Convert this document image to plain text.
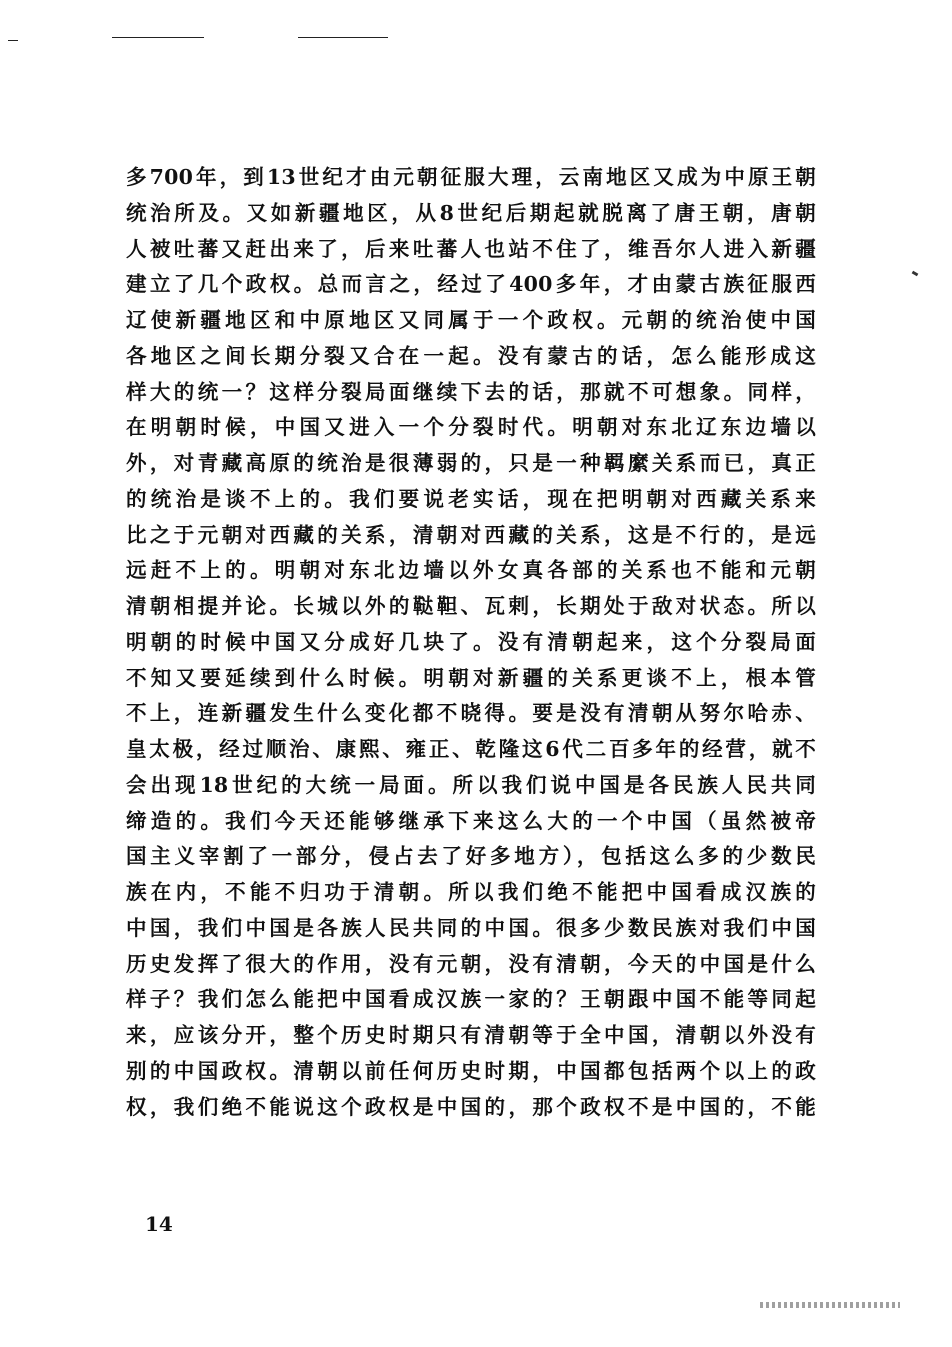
多700年，到13世纪才由元朝征服大理，云南地区又成为中原王朝
统治所及。又如新疆地区，从8世纪后期起就脱离了唐王朝，唐朝
人被吐蕃又赶出来了，后来吐蕃人也站不住了，维吾尔人进入新疆
建立了几个政权。总而言之，经过了400多年，才由蒙古族征服西
辽使新疆地区和中原地区又同属于一个政权。元朝的统治使中国
各地区之间长期分裂又合在一起。没有蒙古的话，怎么能形成这
样大的统一？这样分裂局面继续下去的话，那就不可想象。同样，
在明朝时候，中国又进入一个分裂时代。明朝对东北辽东边墙以
外，对青藏高原的统治是很薄弱的，只是一种羁縻关系而已，真正
的统治是谈不上的。我们要说老实话，现在把明朝对西藏关系来
比之于元朝对西藏的关系，清朝对西藏的关系，这是不行的，是远
远赶不上的。明朝对东北边墙以外女真各部的关系也不能和元朝
清朝相提并论。长城以外的鞑靼、瓦剌，长期处于敌对状态。所以
明朝的时候中国又分成好几块了。没有清朝起来，这个分裂局面
不知又要延续到什么时候。明朝对新疆的关系更谈不上，根本管
不上，连新疆发生什么变化都不晓得。要是没有清朝从努尔哈赤、
皇太极，经过顺治、康熙、雍正、乾隆这6代二百多年的经营，就不
会出现18世纪的大统一局面。所以我们说中国是各民族人民共同
缔造的。我们今天还能够继承下来这么大的一个中国（虽然被帝
国主义宰割了一部分，侵占去了好多地方），包括这么多的少数民
族在内，不能不归功于清朝。所以我们绝不能把中国看成汉族的
中国，我们中国是各族人民共同的中国。很多少数民族对我们中国
历史发挥了很大的作用，没有元朝，没有清朝，今天的中国是什么
样子？我们怎么能把中国看成汉族一家的？王朝跟中国不能等同起
来，应该分开，整个历史时期只有清朝等于全中国，清朝以外没有
别的中国政权。清朝以前任何历史时期，中国都包括两个以上的政
权，我们绝不能说这个政权是中国的，那个政权不是中国的，不能
14
